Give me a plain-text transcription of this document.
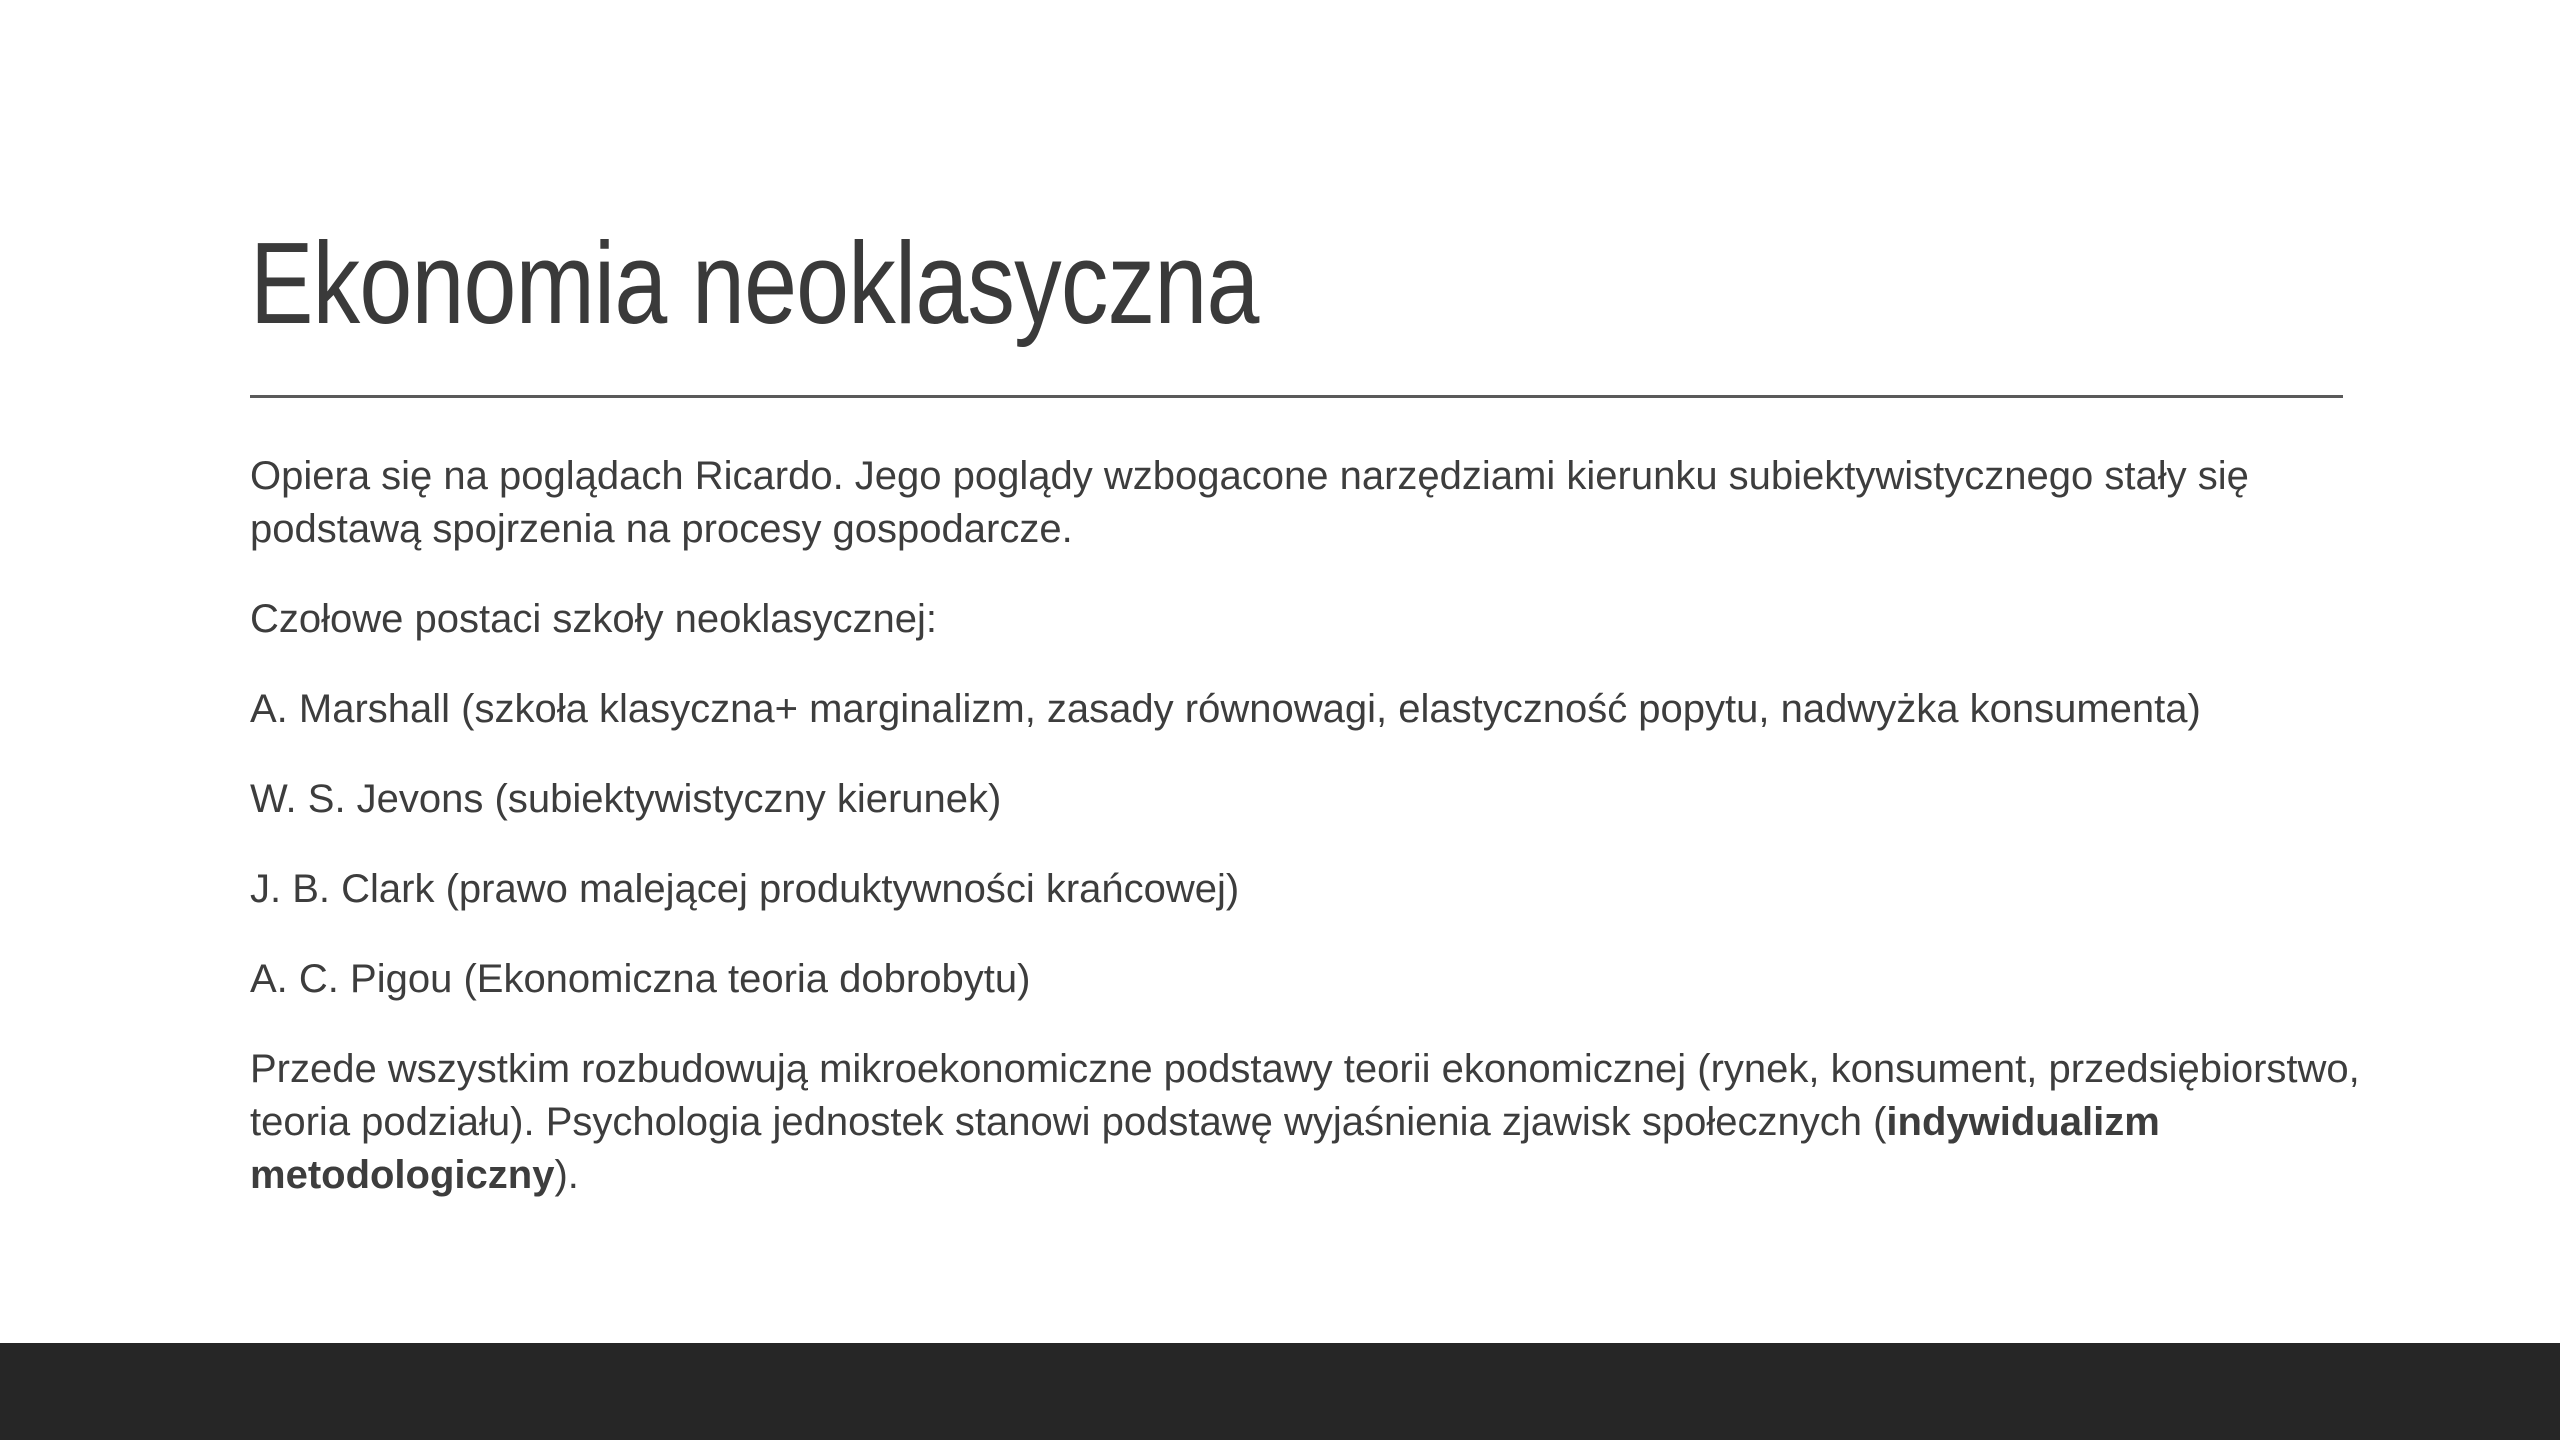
Ekonomia neoklasyczna

Opiera się na poglądach Ricardo. Jego poglądy wzbogacone narzędziami kierunku subiektywistycznego stały się podstawą spojrzenia na procesy gospodarcze.

Czołowe postaci szkoły neoklasycznej:

A. Marshall (szkoła klasyczna+ marginalizm, zasady równowagi, elastyczność popytu, nadwyżka konsumenta)

W. S. Jevons (subiektywistyczny kierunek)

J. B. Clark (prawo malejącej produktywności krańcowej)

A. C. Pigou (Ekonomiczna teoria dobrobytu)

Przede wszystkim rozbudowują mikroekonomiczne podstawy teorii ekonomicznej (rynek, konsument, przedsiębiorstwo, teoria podziału). Psychologia jednostek stanowi podstawę wyjaśnienia zjawisk społecznych (indywidualizm metodologiczny).
